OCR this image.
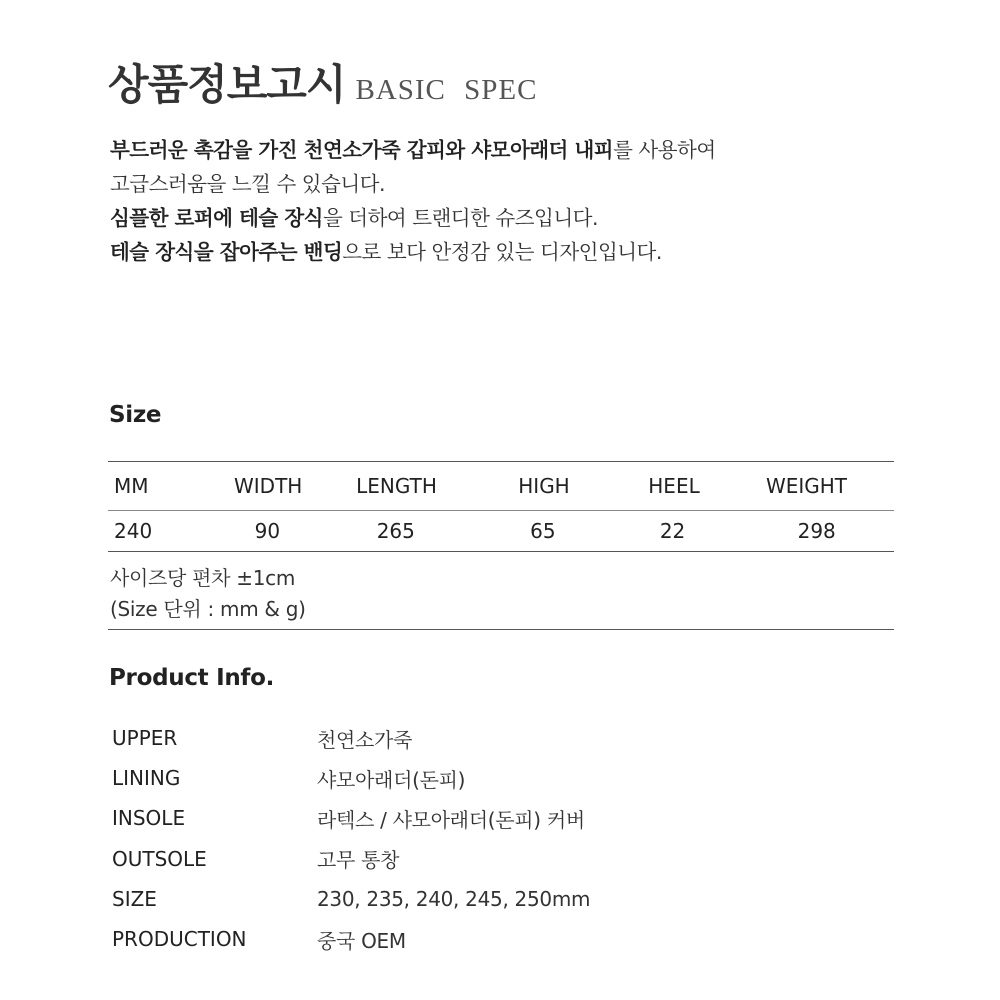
상품정보고시 BASIC SPEC
부드러운 촉감을 가진 천연소가죽 갑피와 샤모아래더 내피를 사용하여
고급스러움을 느낄 수 있습니다.
심플한 로퍼에 테슬 장식을 더하여 트랜디한 슈즈입니다.
테슬 장식을 잡아주는 밴딩으로 보다 안정감 있는 디자인입니다.
Size
MM	WIDTH	LENGTH	HIGH	HEEL	WEIGHT
240	90	265	65	22	298
사이즈당 편차 ±1cm
(Size 단위 : mm & g)
Product Info.
UPPER	천연소가죽
LINING	샤모아래더(돈피)
INSOLE	라텍스 / 샤모아래더(돈피) 커버
OUTSOLE	고무 통창
SIZE	230, 235, 240, 245, 250mm
PRODUCTION	중국 OEM
